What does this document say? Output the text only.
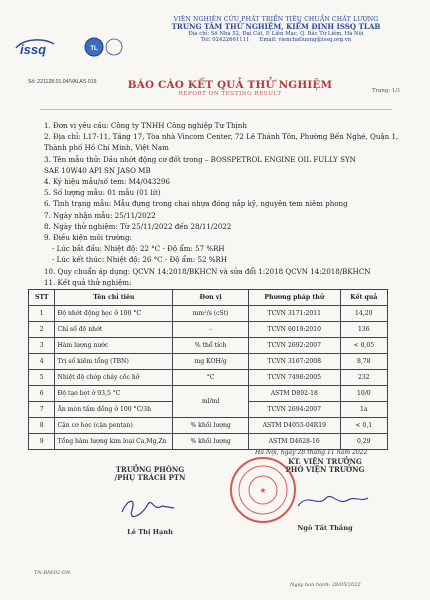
issq	TL
VIỆN NGHIÊN CỨU PHÁT TRIỂN TIÊU CHUẨN CHẤT LƯỢNG
TRUNG TÂM THỬ NGHIỆM, KIỂM ĐỊNH ISSQ TLAB
Địa chỉ: Số Nhà 52, Đại Cát, P. Liên Mạc, Q. Bắc Từ Liêm, Hà Nội
Tel: 02422661111 Email: vienchatluong@issq.org.vn
Số: 221128.01.04/VALAS 016	BÁO CÁO KẾT QUẢ THỬ NGHIỆM
REPORT ON TESTING RESULT
Trang: 1/1
1. Đơn vị yêu cầu: Công ty TNHH Công nghiệp Tư Thịnh
2. Địa chỉ: L17-11, Tầng 17, Tòa nhà Vincom Center, 72 Lê Thánh Tôn, Phường Bến Nghé, Quận 1,
Thành phố Hồ Chí Minh, Việt Nam
3. Tên mẫu thử: Dầu nhớt động cơ đốt trong – BOSSPETROL ENGINE OIL FULLY SYN
SAE 10W40 API SN JASO MB
4. Ký hiệu mẫu/số tem: M4/043296
5. Số lượng mẫu: 01 mẫu (01 lít)
6. Tình trạng mẫu: Mẫu đựng trong chai nhựa đóng nắp kỹ, nguyên tem niêm phong
7. Ngày nhận mẫu: 25/11/2022
8. Ngày thử nghiệm: Từ 25/11/2022 đến 28/11/2022
9. Điều kiện môi trường:
- Lúc bắt đầu: Nhiệt độ: 22 °C - Độ ẩm: 57 %RH
- Lúc kết thúc: Nhiệt độ: 26 °C - Độ ẩm: 52 %RH
10. Quy chuẩn áp dụng: QCVN 14:2018/BKHCN và sửa đổi 1:2018 QCVN 14:2018/BKHCN
11. Kết quả thử nghiệm:
STT	Tên chỉ tiêu	Đơn vị	Phương pháp thử	Kết quả
1	Độ nhớt động học ở 100 °C	mm²/s (cSt)	TCVN 3171:2011	14,20
2	Chỉ số độ nhớt	-	TCVN 6019:2010	136
3	Hàm lượng nước	% thể tích	TCVN 2692:2007	< 0,05
4	Trị số kiềm tổng (TBN)	mg KOH/g	TCVN 3167:2008	8,78
5	Nhiệt độ chớp cháy cốc hở	°C	TCVN 7498:2005	232
6	Độ tạo bọt ở 93,5 °C	ml/ml	ASTM D892-18	10/0
7	Ăn mòn tấm đồng ở 100 °C/3h		TCVN 2694:2007	1a
8	Cặn cơ học (cặn pentan)	% khối lượng	ASTM D4055-04R19	< 0,1
9	Tổng hàm lượng kim loại Ca,Mg,Zn	% khối lượng	ASTM D4628-16	0,29
Hà Nội, ngày 28 tháng 11 năm 2022
TRƯỞNG PHÒNG
/PHỤ TRÁCH PTN
Lê Thị Hạnh
KT. VIỆN TRƯỞNG
PHÓ VIỆN TRƯỞNG
★
Ngô Tất Thắng
TN-BM/02-DN
Ngày ban hành: 28/05/2022
